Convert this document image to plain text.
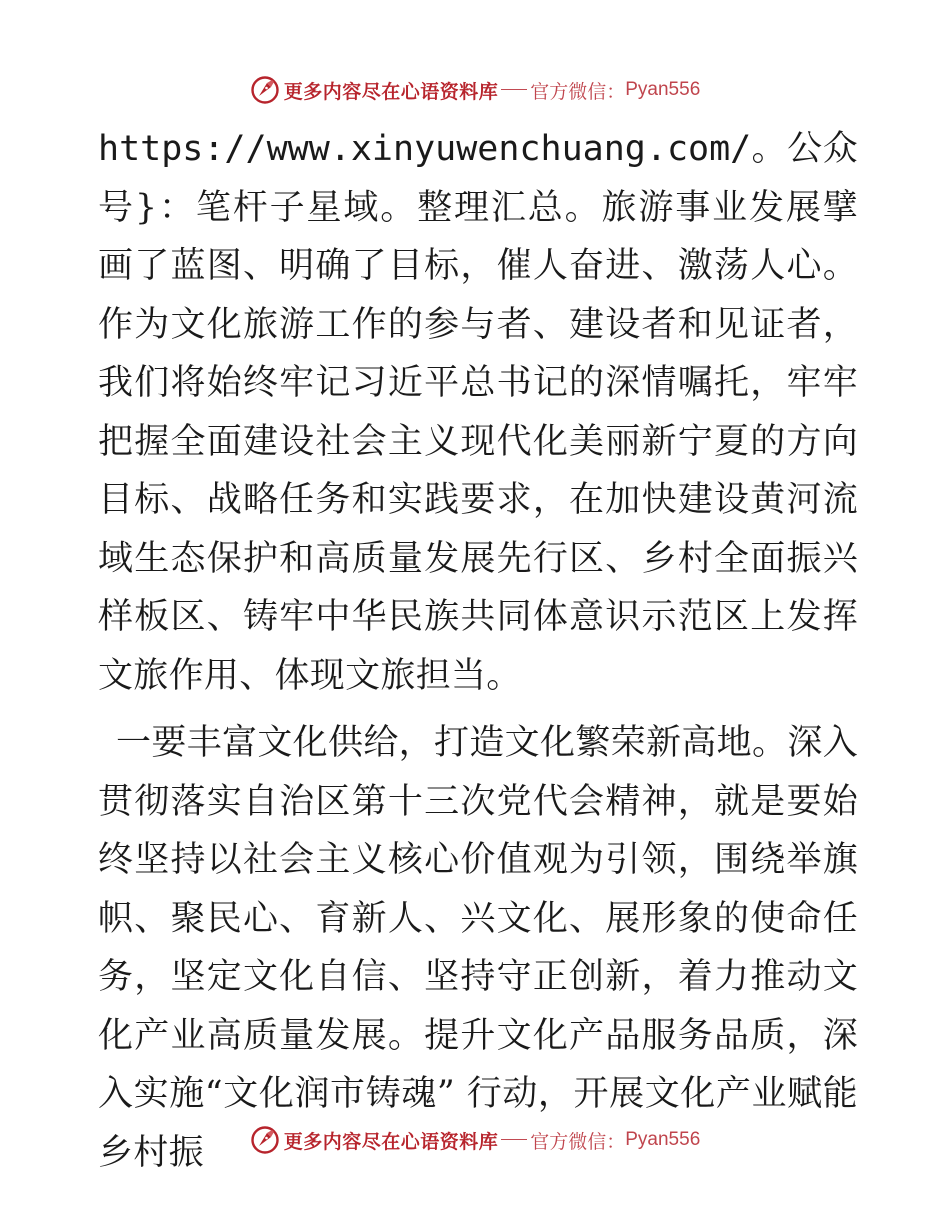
更多内容尽在心语资料库 官方微信： Pyan556

https://www.xinyuwenchuang.com/。公众号}：笔杆子星域。整理汇总。旅游事业发展擘画了蓝图、明确了目标，催人奋进、激荡人心。作为文化旅游工作的参与者、建设者和见证者，我们将始终牢记习近平总书记的深情嘱托，牢牢把握全面建设社会主义现代化美丽新宁夏的方向目标、战略任务和实践要求，在加快建设黄河流域生态保护和高质量发展先行区、乡村全面振兴样板区、铸牢中华民族共同体意识示范区上发挥文旅作用、体现文旅担当。

一要丰富文化供给，打造文化繁荣新高地。深入贯彻落实自治区第十三次党代会精神，就是要始终坚持以社会主义核心价值观为引领，围绕举旗帜、聚民心、育新人、兴文化、展形象的使命任务，坚定文化自信、坚持守正创新，着力推动文化产业高质量发展。提升文化产品服务品质，深入实施“文化润市铸魂” 行动，开展文化产业赋能乡村振	更多内容尽在心语资料库 官方微信： Pyan556
